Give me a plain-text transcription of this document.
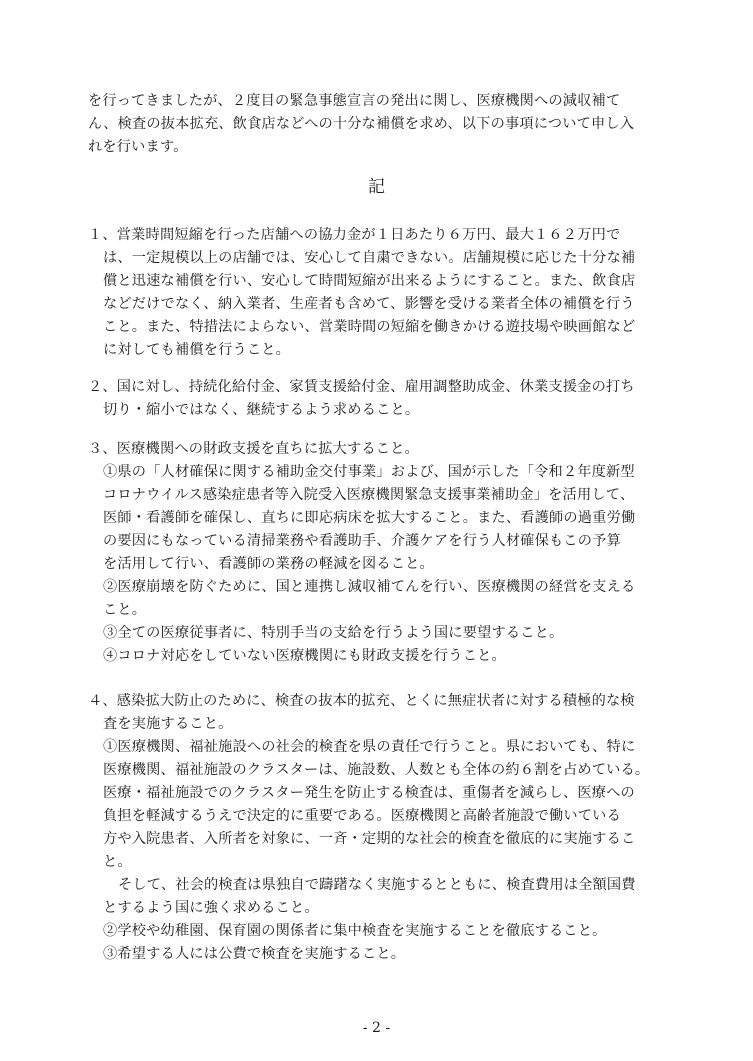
を行ってきましたが、２度目の緊急事態宣言の発出に関し、医療機関への減収補て
ん、検査の抜本拡充、飲食店などへの十分な補償を求め、以下の事項について申し入
れを行います。
記
１、営業時間短縮を行った店舗への協力金が１日あたり６万円、最大１６２万円で
は、一定規模以上の店舗では、安心して自粛できない。店舗規模に応じた十分な補
償と迅速な補償を行い、安心して時間短縮が出来るようにすること。また、飲食店
などだけでなく、納入業者、生産者も含めて、影響を受ける業者全体の補償を行う
こと。また、特措法によらない、営業時間の短縮を働きかける遊技場や映画館など
に対しても補償を行うこと。
２、国に対し、持続化給付金、家賃支援給付金、雇用調整助成金、休業支援金の打ち
切り・縮小ではなく、継続するよう求めること。
３、医療機関への財政支援を直ちに拡大すること。
①県の「人材確保に関する補助金交付事業」および、国が示した「令和２年度新型
コロナウイルス感染症患者等入院受入医療機関緊急支援事業補助金」を活用して、
医師・看護師を確保し、直ちに即応病床を拡大すること。また、看護師の過重労働
の要因にもなっている清掃業務や看護助手、介護ケアを行う人材確保もこの予算
を活用して行い、看護師の業務の軽減を図ること。
②医療崩壊を防ぐために、国と連携し減収補てんを行い、医療機関の経営を支える
こと。
③全ての医療従事者に、特別手当の支給を行うよう国に要望すること。
④コロナ対応をしていない医療機関にも財政支援を行うこと。
４、感染拡大防止のために、検査の抜本的拡充、とくに無症状者に対する積極的な検
査を実施すること。
①医療機関、福祉施設への社会的検査を県の責任で行うこと。県においても、特に
医療機関、福祉施設のクラスターは、施設数、人数とも全体の約６割を占めている。
医療・福祉施設でのクラスター発生を防止する検査は、重傷者を減らし、医療への
負担を軽減するうえで決定的に重要である。医療機関と高齢者施設で働いている
方や入院患者、入所者を対象に、一斉・定期的な社会的検査を徹底的に実施するこ
と。
そして、社会的検査は県独自で躊躇なく実施するとともに、検査費用は全額国費
とするよう国に強く求めること。
②学校や幼稚園、保育園の関係者に集中検査を実施することを徹底すること。
③希望する人には公費で検査を実施すること。
- 2 -
